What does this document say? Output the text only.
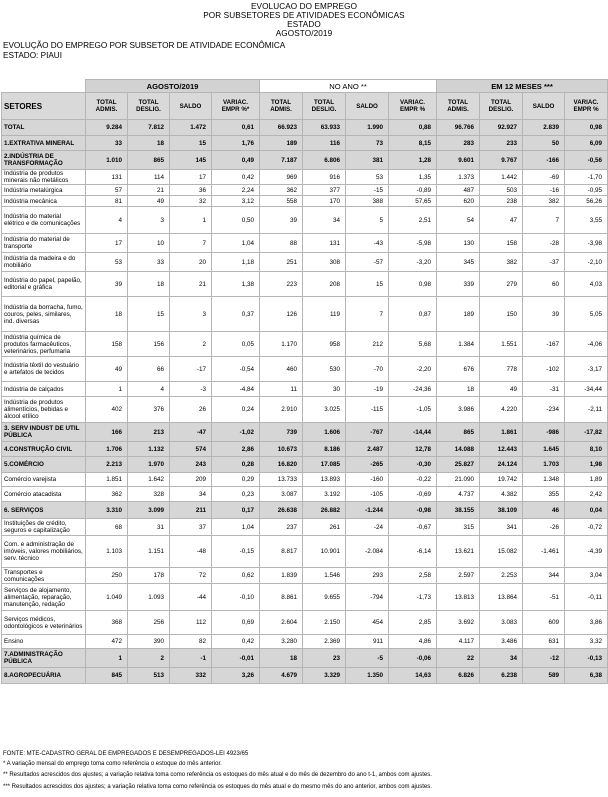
EVOLUCAO DO EMPREGO
POR SUBSETORES DE ATIVIDADES ECONÔMICAS
ESTADO
AGOSTO/2019
EVOLUÇÃO DO EMPREGO POR SUBSETOR DE ATIVIDADE ECONÔMICA
ESTADO: PIAUI
	AGOSTO/2019				NO ANO **				EM 12 MESES ***			
SETORES	TOTAL ADMIS.	TOTAL DESLIG.	SALDO	VARIAC. EMPR %*	TOTAL ADMIS.	TOTAL DESLIG.	SALDO	VARIAC. EMPR %	TOTAL ADMIS.	TOTAL DESLIG.	SALDO	VARIAC. EMPR %
TOTAL	9.284	7.812	1.472	0,61	66.923	63.933	1.990	0,88	96.766	92.927	2.839	0,98
1.EXTRATIVA MINERAL	33	18	15	1,76	189	116	73	8,15	283	233	50	6,09
2.INDÚSTRIA DE TRANSFORMAÇÃO	1.010	865	145	0,49	7.187	6.806	381	1,28	9.601	9.767	-166	-0,56
Indústria de produtos minerais não metálicos	131	114	17	0,42	969	916	53	1,35	1.373	1.442	-69	-1,70
Indústria metalúrgica	57	21	36	2,24	362	377	-15	-0,89	487	503	-16	-0,95
Indústria mecânica	81	49	32	3,12	558	170	388	57,65	620	238	382	56,26
Indústria do material elétrico e de comunicações	4	3	1	0,50	39	34	5	2,51	54	47	7	3,55
Indústria do material de transporte	17	10	7	1,04	88	131	-43	-5,98	130	158	-28	-3,98
Indústria da madeira e do mobiliário	53	33	20	1,18	251	308	-57	-3,20	345	382	-37	-2,10
Indústria do papel, papelão, editorial e gráfica	39	18	21	1,38	223	208	15	0,98	339	279	60	4,03
Indústria da borracha, fumo, couros, peles, similares, ind. diversas	18	15	3	0,37	126	119	7	0,87	189	150	39	5,05
Indústria química de produtos farmacêuticos, veterinários, perfumaria	158	156	2	0,05	1.170	958	212	5,68	1.384	1.551	-167	-4,06
Indústria têxtil do vestuário e artefatos de tecidos	49	66	-17	-0,54	460	530	-70	-2,20	676	778	-102	-3,17
Indústria de calçados	1	4	-3	-4,84	11	30	-19	-24,36	18	49	-31	-34,44
Indústria de produtos alimentícios, bebidas e álcool etílico	402	376	26	0,24	2.910	3.025	-115	-1,05	3.986	4.220	-234	-2,11
3. SERV INDUST DE UTIL PÚBLICA	166	213	-47	-1,02	739	1.606	-767	-14,44	865	1.861	-986	-17,82
4.CONSTRUÇÃO CIVIL	1.706	1.132	574	2,86	10.673	8.186	2.487	12,78	14.088	12.443	1.645	8,10
5.COMÉRCIO	2.213	1.970	243	0,28	16.820	17.085	-265	-0,30	25.827	24.124	1.703	1,98
Comércio varejista	1.851	1.642	209	0,29	13.733	13.893	-160	-0,22	21.090	19.742	1.348	1,89
Comércio atacadista	362	328	34	0,23	3.087	3.192	-105	-0,69	4.737	4.382	355	2,42
6. SERVIÇOS	3.310	3.099	211	0,17	26.638	26.882	-1.244	-0,98	38.155	38.109	46	0,04
Instituições de crédito, seguros e capitalização	68	31	37	1,04	237	261	-24	-0,67	315	341	-26	-0,72
Com. e administração de imóveis, valores mobiliários, serv. técnico	1.103	1.151	-48	-0,15	8.817	10.901	-2.084	-6,14	13.621	15.082	-1.461	-4,39
Transportes e comunicações	250	178	72	0,62	1.839	1.546	293	2,58	2.597	2.253	344	3,04
Serviços de alojamento, alimentação, reparação, manutenção, redação	1.049	1.093	-44	-0,10	8.861	9.655	-794	-1,73	13.813	13.864	-51	-0,11
Serviços médicos, odontológicos e veterinários	368	256	112	0,69	2.604	2.150	454	2,85	3.692	3.083	609	3,86
Ensino	472	390	82	0,42	3.280	2.369	911	4,86	4.117	3.486	631	3,32
7.ADMINISTRAÇÃO PÚBLICA	1	2	-1	-0,01	18	23	-5	-0,06	22	34	-12	-0,13
8.AGROPECUÁRIA	845	513	332	3,26	4.679	3.329	1.350	14,63	6.826	6.238	589	6,38
FONTE: MTE-CADASTRO GERAL DE EMPREGADOS E DESEMPREGADOS-LEI 4923/65
* A variação mensal do emprego toma como referência o estoque do mês anterior.
** Resultados acrescidos dos ajustes; a variação relativa toma como referência os estoques do mês atual e do mês de dezembro do ano t-1, ambos com ajustes.
*** Resultados acrescidos dos ajustes; a variação relativa toma como referência os estoques do mês atual e do mesmo mês do ano anterior, ambos com ajustes.
